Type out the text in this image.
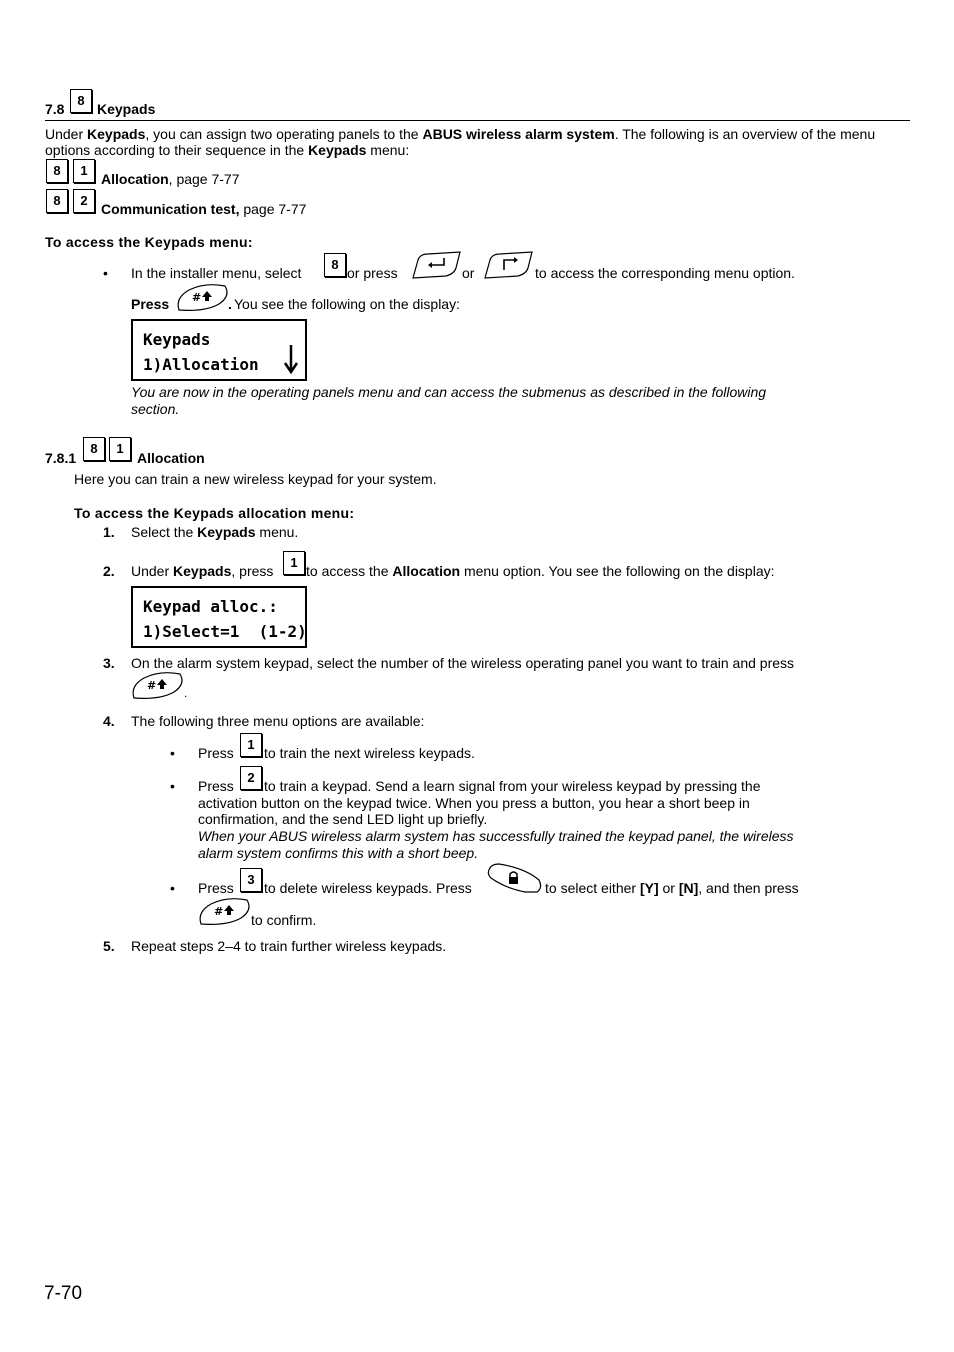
7.8
8
Keypads
Under Keypads, you can assign two operating panels to the ABUS wireless alarm system. The following is an overview of the menu
options according to their sequence in the Keypads menu:
8	1
Allocation, page 7-77
8	2
Communication test, page 7-77
To access the Keypads menu:
• In the installer menu, select
8
or press	or	to access the corresponding menu option.
Press # . You see the following on the display:
Keypads
1)Allocation
You are now in the operating panels menu and can access the submenus as described in the following
section.
7.8.1
8	1
Allocation
Here you can train a new wireless keypad for your system.
To access the Keypads allocation menu:
1. Select the Keypads menu.
2. Under Keypads, press
1
to access the Allocation menu option. You see the following on the display:
Keypad alloc.:
1)Select=1  (1-2)
3. On the alarm system keypad, select the number of the wireless operating panel you want to train and press
#
.
4. The following three menu options are available:
• Press
1
to train the next wireless keypads.
• Press
2
to train a keypad. Send a learn signal from your wireless keypad by pressing the
activation button on the keypad twice. When you press a button, you hear a short beep in
confirmation, and the send LED light up briefly.
When your ABUS wireless alarm system has successfully trained the keypad panel, the wireless
alarm system confirms this with a short beep.
• Press
3
to delete wireless keypads. Press	to select either [Y] or [N], and then press
#
to confirm.
5. Repeat steps 2–4 to train further wireless keypads.
7-70
